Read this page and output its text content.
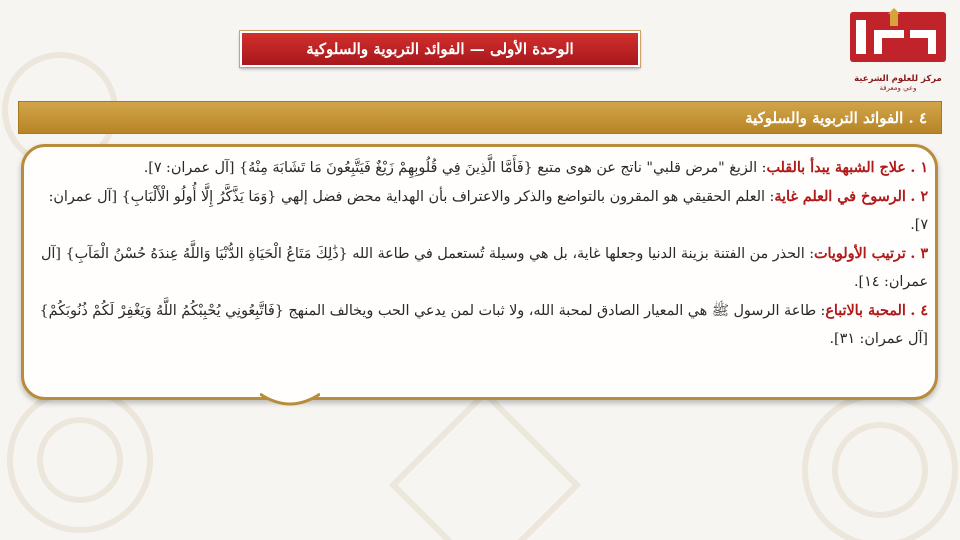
الوحدة الأولى — الفوائد التربوية والسلوكية
مركز للعلوم الشرعية
وعي ومعرفة
٤ . الفوائد التربوية والسلوكية

١ . علاج الشبهة يبدأ بالقلب: الزيغ "مرض قلبي" ناتج عن هوى متبع {فَأَمَّا الَّذِينَ فِي قُلُوبِهِمْ زَيْغٌ فَيَتَّبِعُونَ مَا تَشَابَهَ مِنْهُ} [آل عمران: ٧].

٢ . الرسوخ في العلم غاية: العلم الحقيقي هو المقرون بالتواضع والذكر والاعتراف بأن الهداية محض فضل إلهي {وَمَا يَذَّكَّرُ إِلَّا أُولُو الْأَلْبَابِ} [آل عمران: ٧].

٣ . ترتيب الأولويات: الحذر من الفتنة بزينة الدنيا وجعلها غاية، بل هي وسيلة تُستعمل في طاعة الله {ذَٰلِكَ مَتَاعُ الْحَيَاةِ الدُّنْيَا وَاللَّهُ عِندَهُ حُسْنُ الْمَآبِ} [آل عمران: ١٤].

٤ . المحبة بالاتباع: طاعة الرسول ﷺ هي المعيار الصادق لمحبة الله، ولا ثبات لمن يدعي الحب ويخالف المنهج {فَاتَّبِعُونِي يُحْبِبْكُمُ اللَّهُ وَيَغْفِرْ لَكُمْ ذُنُوبَكُمْ} [آل عمران: ٣١].
